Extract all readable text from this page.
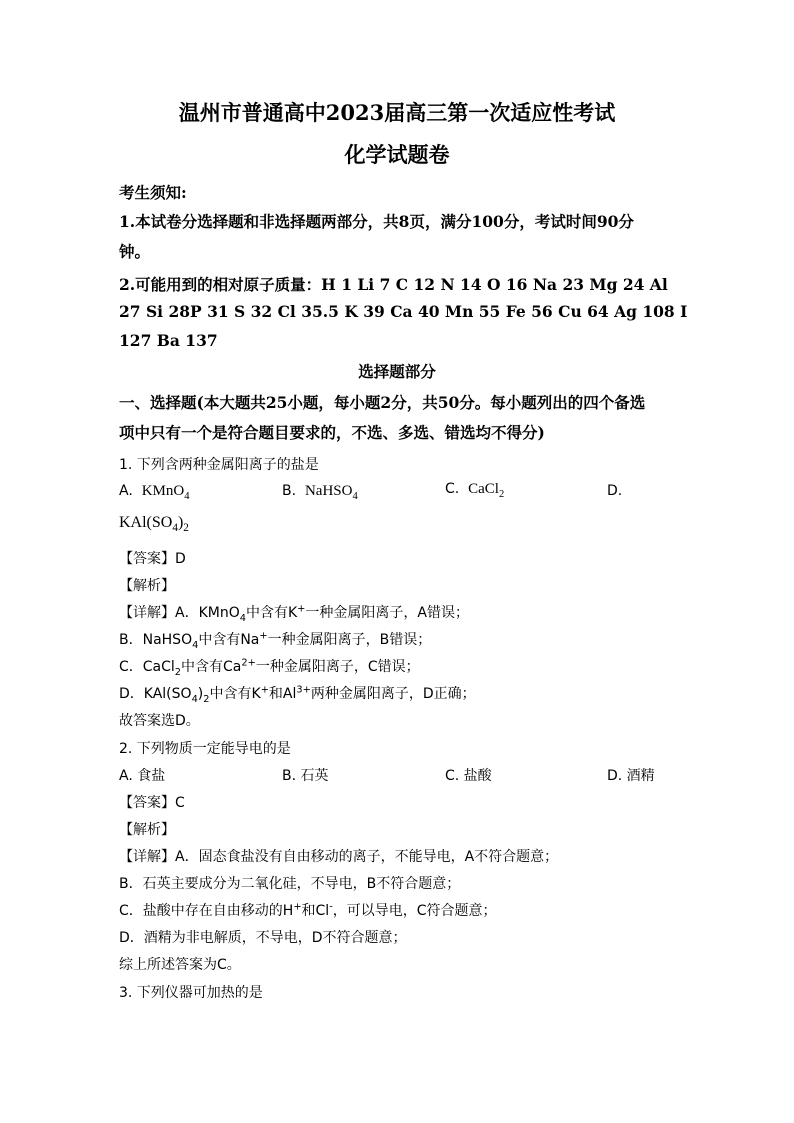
温州市普通高中2023届高三第一次适应性考试
化学试题卷
考生须知:
1.本试卷分选择题和非选择题两部分，共8页，满分100分，考试时间90分
钟。
2.可能用到的相对原子质量：H 1 Li 7 C 12 N 14 O 16 Na 23 Mg 24 Al
27 Si 28P 31 S 32 Cl 35.5 K 39 Ca 40 Mn 55 Fe 56 Cu 64 Ag 108 I
127 Ba 137
选择题部分
一、选择题(本大题共25小题，每小题2分，共50分。每小题列出的四个备选
项中只有一个是符合题目要求的，不选、多选、错选均不得分)
1. 下列含两种金属阳离子的盐是
A. KMnO$_4$	B. NaHSO$_4$	C. CaCl$_2$	D.
$KAl(SO_4)_2$
【答案】D
【解析】
【详解】A．KMnO$_4$中含有K+一种金属阳离子，A错误；
B．NaHSO$_4$中含有Na+一种金属阳离子，B错误；
C．CaCl$_2$中含有$Ca^{2+}$一种金属阳离子，C错误；
D．$KAl(SO_4)_2$中含有K+和$Al^{3+}$两种金属阳离子，D正确；
故答案选D。
2. 下列物质一定能导电的是
A. 食盐	B. 石英	C. 盐酸	D. 酒精
【答案】C
【解析】
【详解】A．固态食盐没有自由移动的离子，不能导电，A不符合题意；
B．石英主要成分为二氧化硅，不导电，B不符合题意；
C．盐酸中存在自由移动的H+和Cl-，可以导电，C符合题意；
D．酒精为非电解质，不导电，D不符合题意；
综上所述答案为C。
3. 下列仪器可加热的是
